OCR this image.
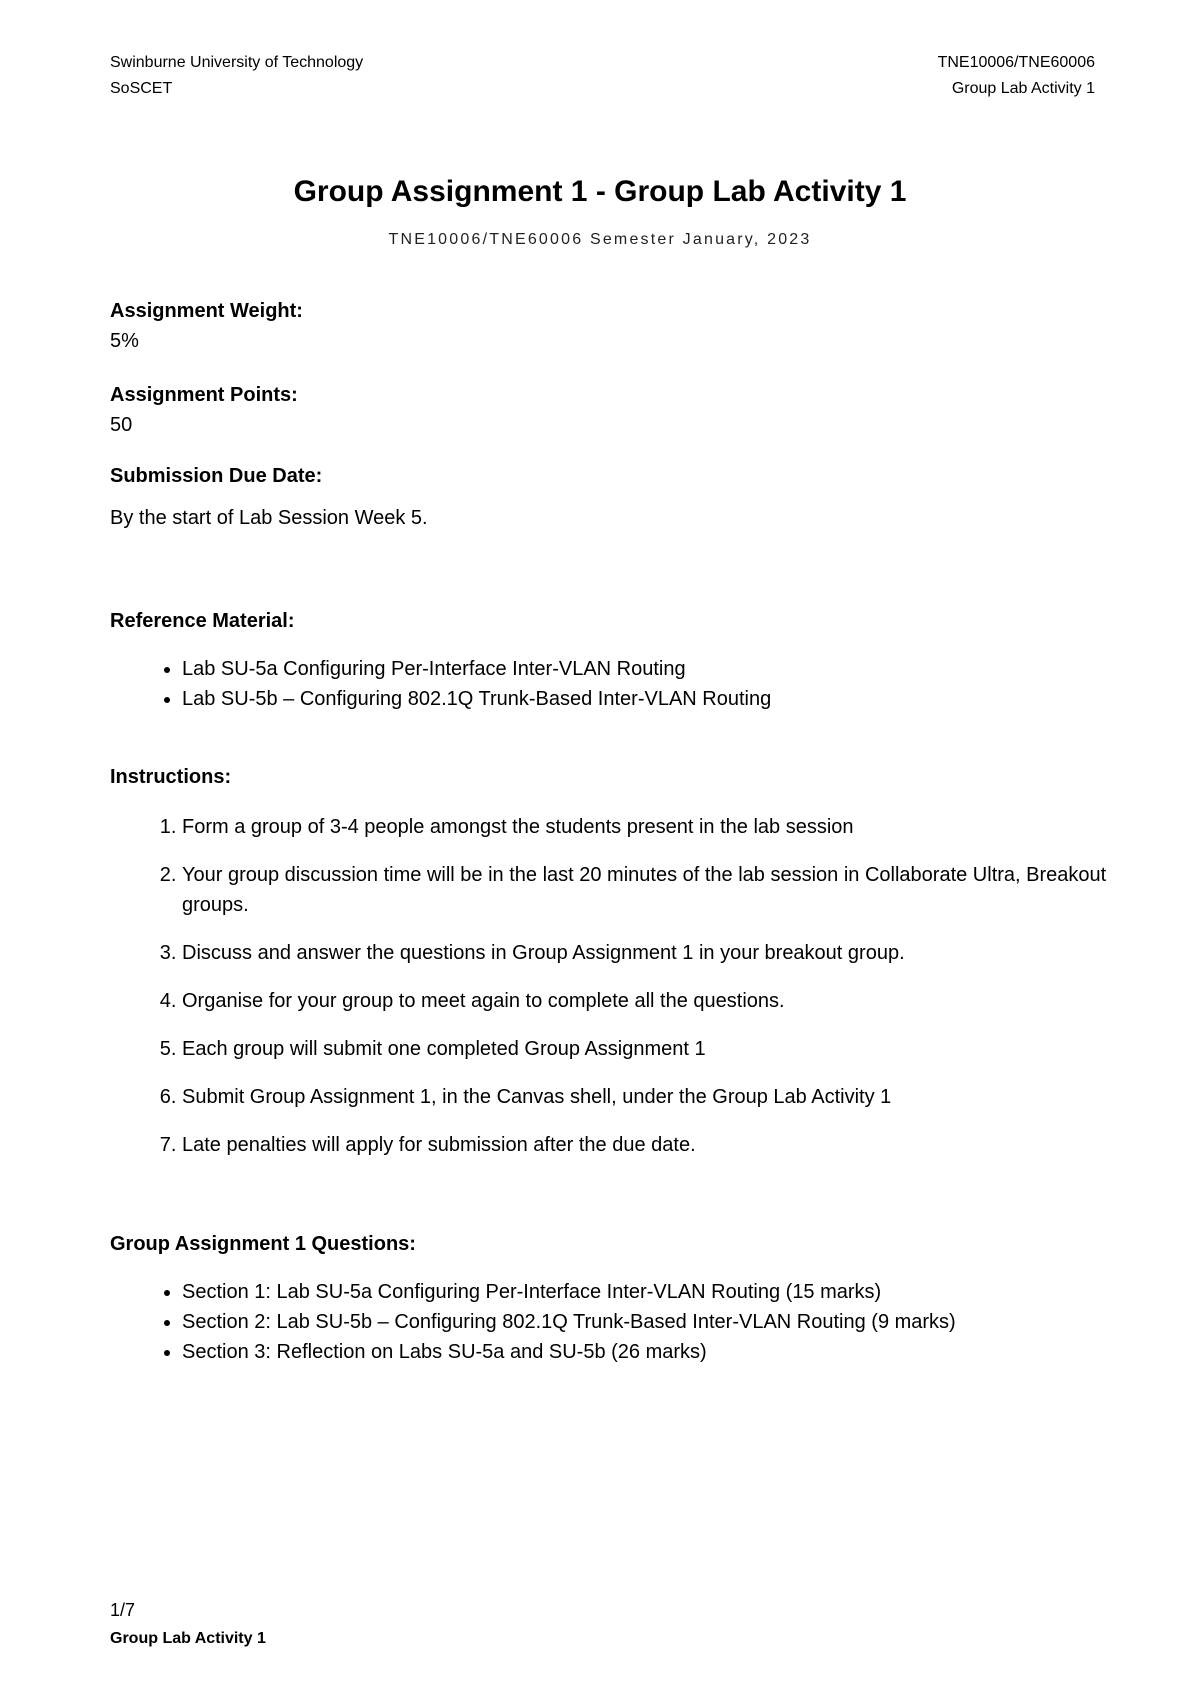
Swinburne University of Technology
SoSCET
TNE10006/TNE60006
Group Lab Activity 1
Group Assignment 1 - Group Lab Activity 1
TNE10006/TNE60006 Semester January, 2023
Assignment Weight:
5%
Assignment Points:
50
Submission Due Date:
By the start of Lab Session Week 5.
Reference Material:
• Lab SU-5a Configuring Per-Interface Inter-VLAN Routing
• Lab SU-5b – Configuring 802.1Q Trunk-Based Inter-VLAN Routing
Instructions:
1. Form a group of 3-4 people amongst the students present in the lab session
2. Your group discussion time will be in the last 20 minutes of the lab session in Collaborate Ultra, Breakout groups.
3. Discuss and answer the questions in Group Assignment 1 in your breakout group.
4. Organise for your group to meet again to complete all the questions.
5. Each group will submit one completed Group Assignment 1
6. Submit Group Assignment 1, in the Canvas shell, under the Group Lab Activity 1
7. Late penalties will apply for submission after the due date.
Group Assignment 1 Questions:
• Section 1: Lab SU-5a Configuring Per-Interface Inter-VLAN Routing (15 marks)
• Section 2: Lab SU-5b – Configuring 802.1Q Trunk-Based Inter-VLAN Routing (9 marks)
• Section 3: Reflection on Labs SU-5a and SU-5b (26 marks)
1/7
Group Lab Activity 1
